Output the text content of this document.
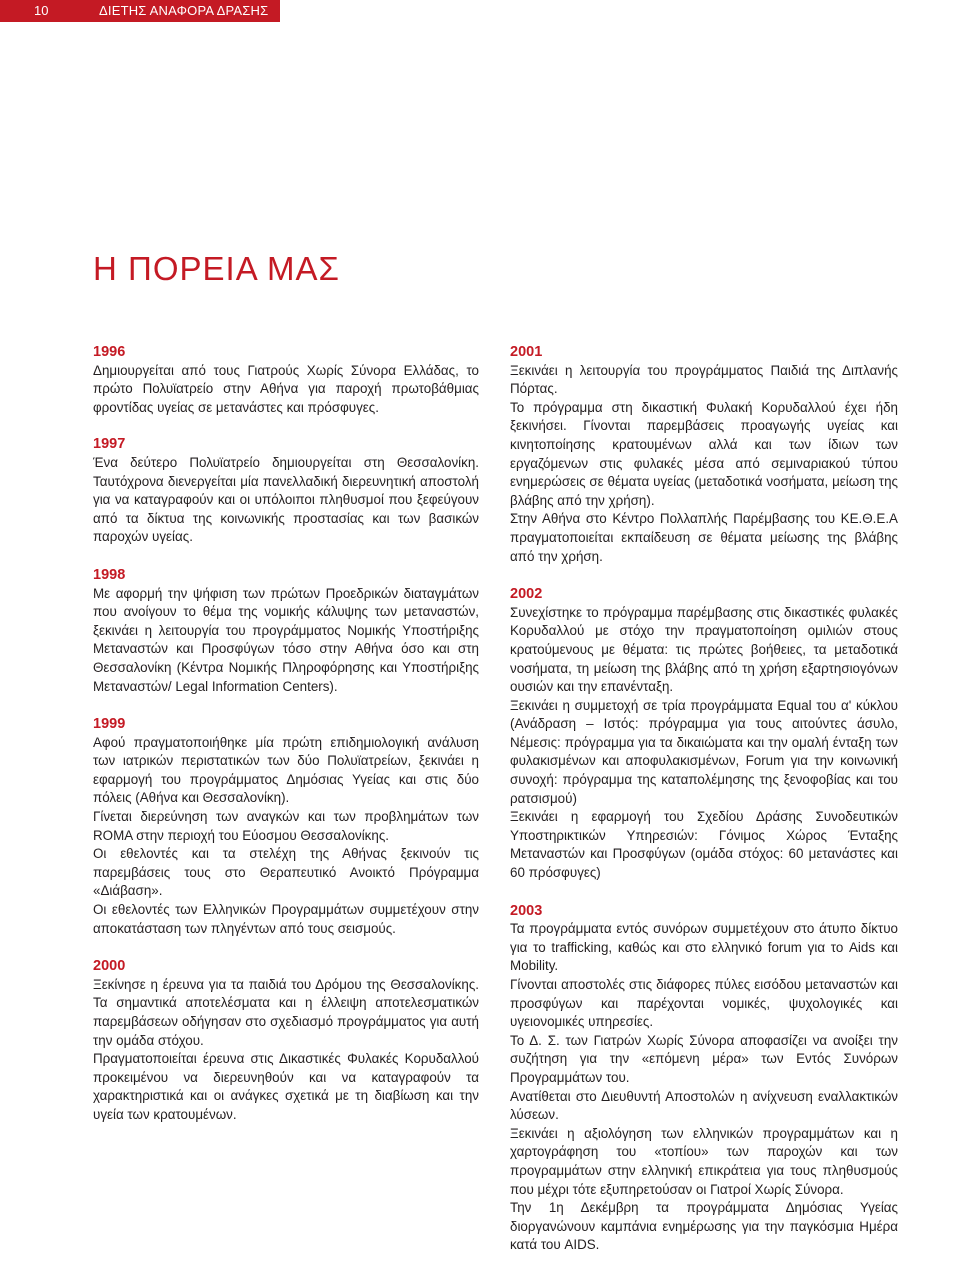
10	ΔΙΕΤΗΣ ΑΝΑΦΟΡΑ ΔΡΑΣΗΣ
Η ΠΟΡΕΙΑ ΜΑΣ
1996

Δημιουργείται από τους Γιατρούς Χωρίς Σύνορα Ελλάδας, το πρώτο Πολυϊατρείο στην Αθήνα για παροχή πρωτοβάθμιας φροντίδας υγείας σε μετανάστες και πρόσφυγες.

1997

Ένα δεύτερο Πολυϊατρείο δημιουργείται στη Θεσσαλονίκη. Ταυτόχρονα διενεργείται μία πανελλαδική διερευνητική αποστολή για να καταγραφούν και οι υπόλοιποι πληθυσμοί που ξεφεύγουν από τα δίκτυα της κοινωνικής προστασίας και των βασικών παροχών υγείας.

1998

Με αφορμή την ψήφιση των πρώτων Προεδρικών διαταγμάτων που ανοίγουν το θέμα της νομικής κάλυψης των μεταναστών, ξεκινάει η λειτουργία του προγράμματος Νομικής Υποστήριξης Μεταναστών και Προσφύγων τόσο στην Αθήνα όσο και στη Θεσσαλονίκη (Κέντρα Νομικής Πληροφόρησης και Υποστήριξης Μεταναστών/ Legal Information Centers).

1999

Αφού πραγματοποιήθηκε μία πρώτη επιδημιολογική ανάλυση των ιατρικών περιστατικών των δύο Πολυϊατρείων, ξεκινάει η εφαρμογή του προγράμματος Δημόσιας Υγείας και στις δύο πόλεις (Αθήνα και Θεσσαλονίκη).

Γίνεται διερεύνηση των αναγκών και των προβλημάτων των ROMA στην περιοχή του Εύοσμου Θεσσαλονίκης.

Οι εθελοντές και τα στελέχη της Αθήνας ξεκινούν τις παρεμβάσεις τους στο Θεραπευτικό Ανοικτό Πρόγραμμα «Διάβαση».

Οι εθελοντές των Ελληνικών Προγραμμάτων συμμετέχουν στην αποκατάσταση των πληγέντων από τους σεισμούς.

2000

Ξεκίνησε η έρευνα για τα παιδιά του Δρόμου της Θεσσαλονίκης. Τα σημαντικά αποτελέσματα και η έλλειψη αποτελεσματικών παρεμβάσεων οδήγησαν στο σχεδιασμό προγράμματος για αυτή την ομάδα στόχου.

Πραγματοποιείται έρευνα στις Δικαστικές Φυλακές Κορυδαλλού προκειμένου να διερευνηθούν και να καταγραφούν τα χαρακτηριστικά και οι ανάγκες σχετικά με τη διαβίωση και την υγεία των κρατουμένων.

2001

Ξεκινάει η λειτουργία του προγράμματος Παιδιά της Διπλανής Πόρτας.

Το πρόγραμμα στη δικαστική Φυλακή Κορυδαλλού έχει ήδη ξεκινήσει. Γίνονται παρεμβάσεις προαγωγής υγείας και κινητοποίησης κρατουμένων αλλά και των ίδιων των εργαζόμενων στις φυλακές μέσα από σεμιναριακού τύπου ενημερώσεις σε θέματα υγείας (μεταδοτικά νοσήματα, μείωση της βλάβης από την χρήση).

Στην Αθήνα στο Κέντρο Πολλαπλής Παρέμβασης του ΚΕ.Θ.Ε.Α πραγματοποιείται εκπαίδευση σε θέματα μείωσης της βλάβης από την χρήση.

2002

Συνεχίστηκε το πρόγραμμα παρέμβασης στις δικαστικές φυλακές Κορυδαλλού με στόχο την πραγματοποίηση ομιλιών στους κρατούμενους με θέματα: τις πρώτες βοήθειες, τα μεταδοτικά νοσήματα, τη μείωση της βλάβης από τη χρήση εξαρτησιογόνων ουσιών και την επανένταξη.

Ξεκινάει η συμμετοχή σε τρία προγράμματα Equal του α' κύκλου (Ανάδραση – Ιστός: πρόγραμμα για τους αιτούντες άσυλο, Νέμεσις: πρόγραμμα για τα δικαιώματα και την ομαλή ένταξη των φυλακισμένων και αποφυλακισμένων, Forum για την κοινωνική συνοχή: πρόγραμμα της καταπολέμησης της ξενοφοβίας και του ρατσισμού)

Ξεκινάει η εφαρμογή του Σχεδίου Δράσης Συνοδευτικών Υποστηρικτικών Υπηρεσιών: Γόνιμος Χώρος Ένταξης Μεταναστών και Προσφύγων (ομάδα στόχος: 60 μετανάστες και 60 πρόσφυγες)

2003

Τα προγράμματα εντός συνόρων συμμετέχουν στο άτυπο δίκτυο για το trafficking, καθώς και στο ελληνικό forum για το Aids και Mobility.

Γίνονται αποστολές στις διάφορες πύλες εισόδου μεταναστών και προσφύγων και παρέχονται νομικές, ψυχολογικές και υγειονομικές υπηρεσίες.

Το Δ. Σ. των Γιατρών Χωρίς Σύνορα αποφασίζει να ανοίξει την συζήτηση για την «επόμενη μέρα» των Εντός Συνόρων Προγραμμάτων του.

Ανατίθεται στο Διευθυντή Αποστολών η ανίχνευση εναλλακτικών λύσεων.

Ξεκινάει η αξιολόγηση των ελληνικών προγραμμάτων και η χαρτογράφηση του «τοπίου» των παροχών και των προγραμμάτων στην ελληνική επικράτεια για τους πληθυσμούς που μέχρι τότε εξυπηρετούσαν οι Γιατροί Χωρίς Σύνορα.

Την 1η Δεκέμβρη τα προγράμματα Δημόσιας Υγείας διοργανώνουν καμπάνια ενημέρωσης για την παγκόσμια Ημέρα κατά του AIDS.
